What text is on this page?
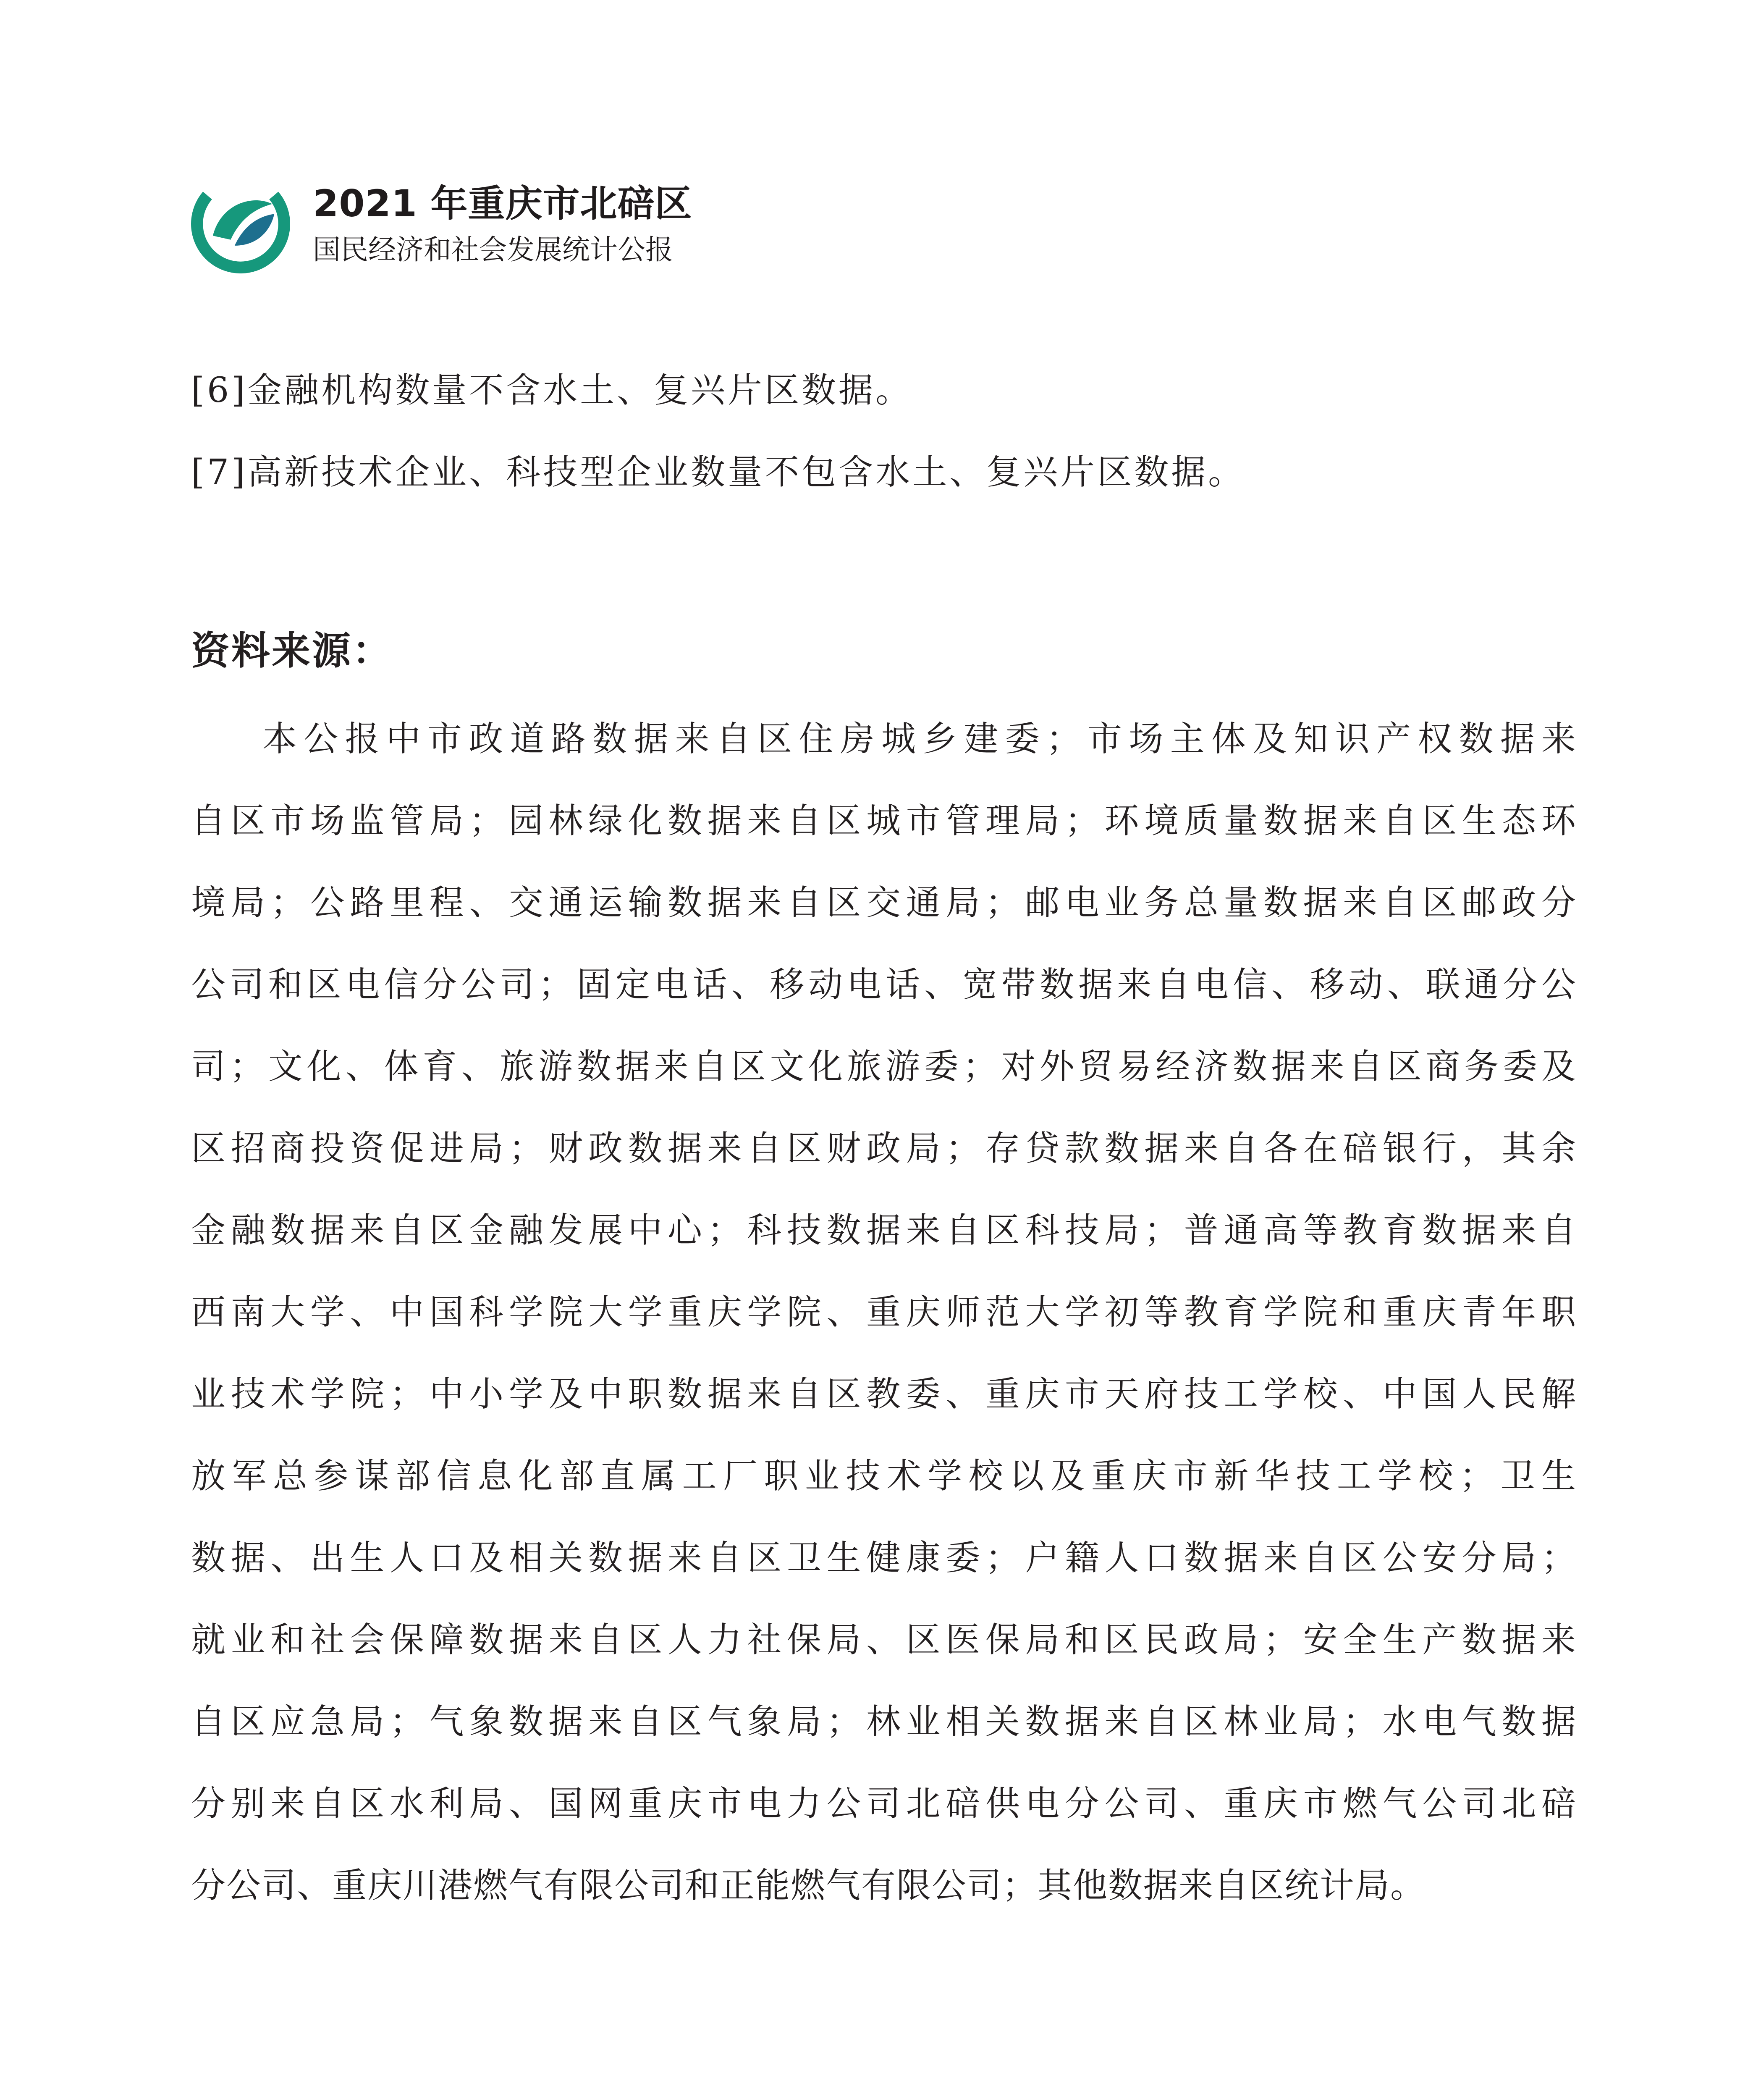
2021 年重庆市北碚区
国民经济和社会发展统计公报
[6]金融机构数量不含水土、复兴片区数据。
[7]高新技术企业、科技型企业数量不包含水土、复兴片区数据。
资料来源：
本公报中市政道路数据来自区住房城乡建委；市场主体及知识产权数据来
自区市场监管局；园林绿化数据来自区城市管理局；环境质量数据来自区生态环
境局；公路里程、交通运输数据来自区交通局；邮电业务总量数据来自区邮政分
公司和区电信分公司；固定电话、移动电话、宽带数据来自电信、移动、联通分公
司；文化、体育、旅游数据来自区文化旅游委；对外贸易经济数据来自区商务委及
区招商投资促进局；财政数据来自区财政局；存贷款数据来自各在碚银行，其余
金融数据来自区金融发展中心；科技数据来自区科技局；普通高等教育数据来自
西南大学、中国科学院大学重庆学院、重庆师范大学初等教育学院和重庆青年职
业技术学院；中小学及中职数据来自区教委、重庆市天府技工学校、中国人民解
放军总参谋部信息化部直属工厂职业技术学校以及重庆市新华技工学校；卫生
数据、出生人口及相关数据来自区卫生健康委；户籍人口数据来自区公安分局；
就业和社会保障数据来自区人力社保局、区医保局和区民政局；安全生产数据来
自区应急局；气象数据来自区气象局；林业相关数据来自区林业局；水电气数据
分别来自区水利局、国网重庆市电力公司北碚供电分公司、重庆市燃气公司北碚
分公司、重庆川港燃气有限公司和正能燃气有限公司；其他数据来自区统计局。
